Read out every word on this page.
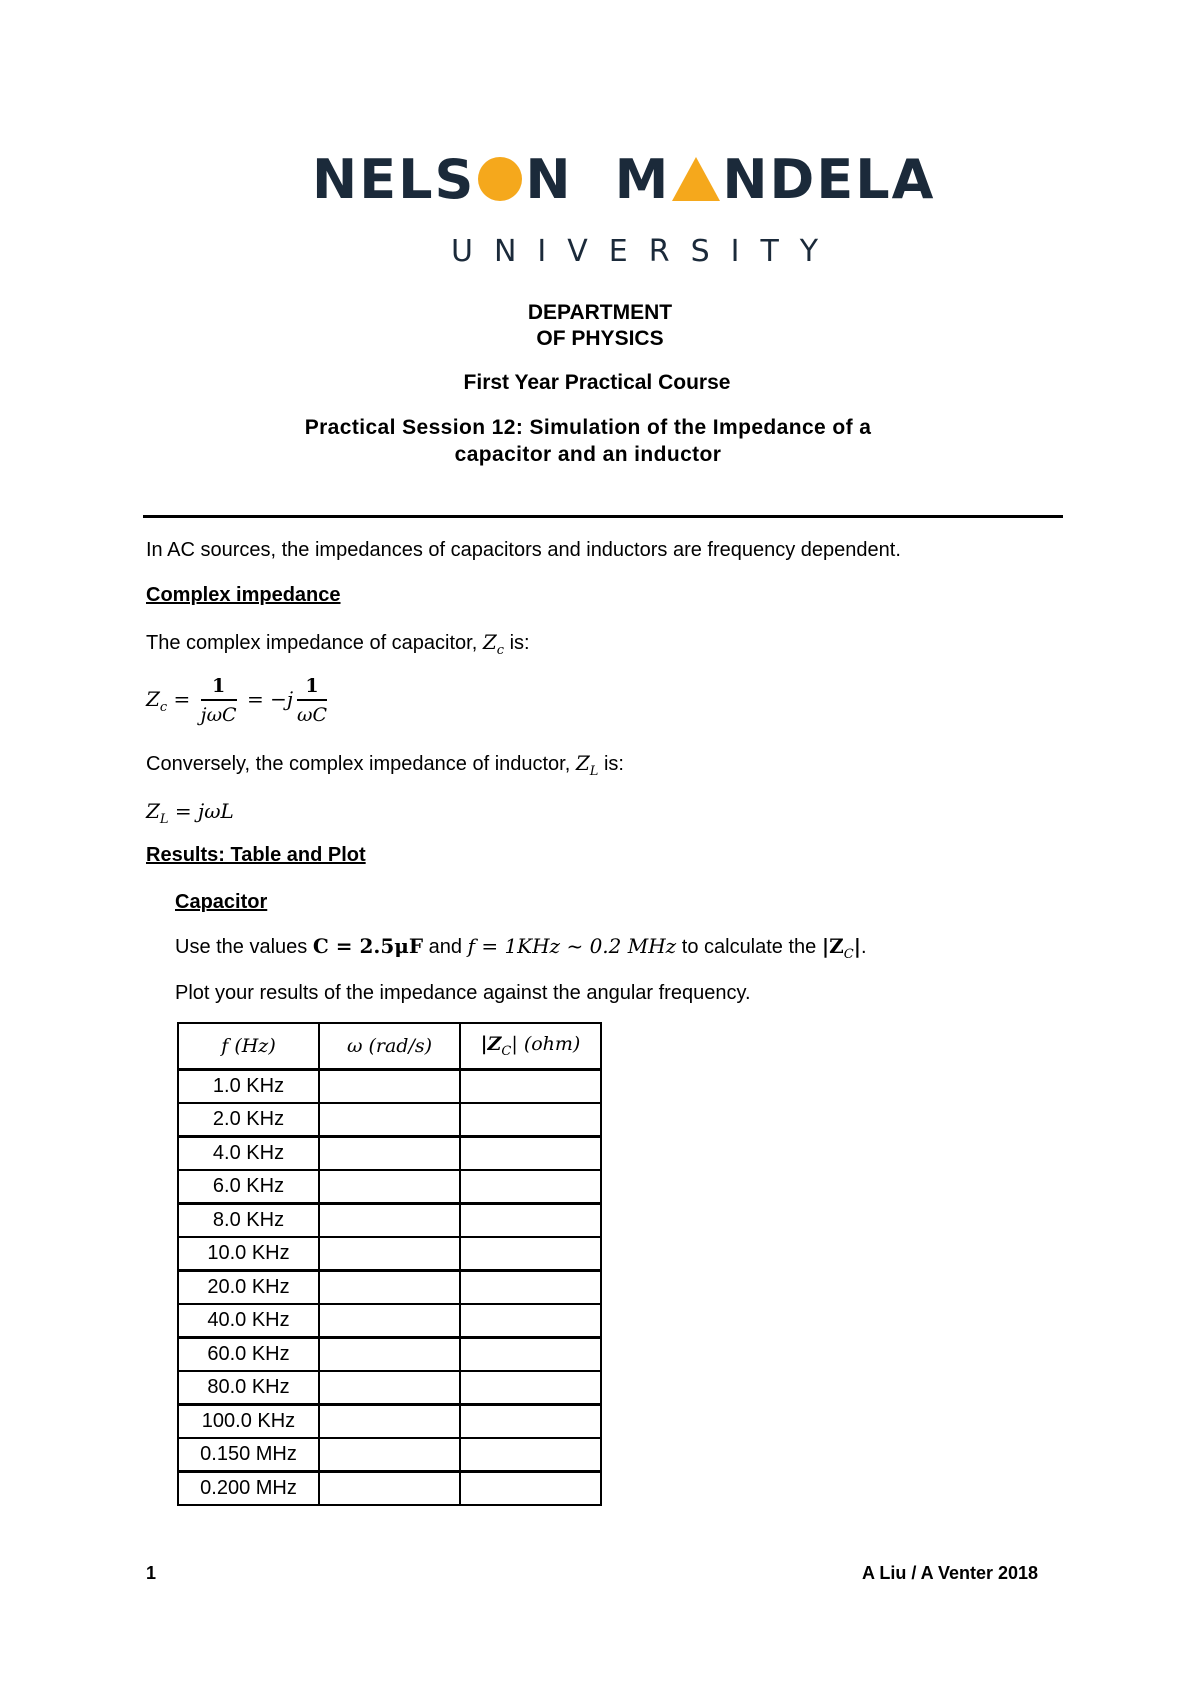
NELS N M NDELA
UNIVERSITY
DEPARTMENT
OF PHYSICS
First Year Practical Course
Practical Session 12: Simulation of the Impedance of a
capacitor and an inductor
In AC sources, the impedances of capacitors and inductors are frequency dependent.
Complex impedance
The complex impedance of capacitor, $Z_c$ is:
$Z_c = \frac{1}{\text{jωC}} = -j \frac{1}{\omega C}$
Conversely, the complex impedance of inductor, $Z_L$ is:
$Z_L = j\omega L$
Results: Table and Plot
Capacitor
Use the values C = 2.5μF and f = 1KHz ~ 0.2 MHz to calculate the $|Z_C|$.
Plot your results of the impedance against the angular frequency.
f (Hz)	ω (rad/s)	$|Z_C|$ (ohm)
1.0 KHz		
2.0 KHz		
4.0 KHz		
6.0 KHz		
8.0 KHz		
10.0 KHz		
20.0 KHz		
40.0 KHz		
60.0 KHz		
80.0 KHz		
100.0 KHz		
0.150 MHz		
0.200 MHz		
1	A Liu / A Venter 2018
